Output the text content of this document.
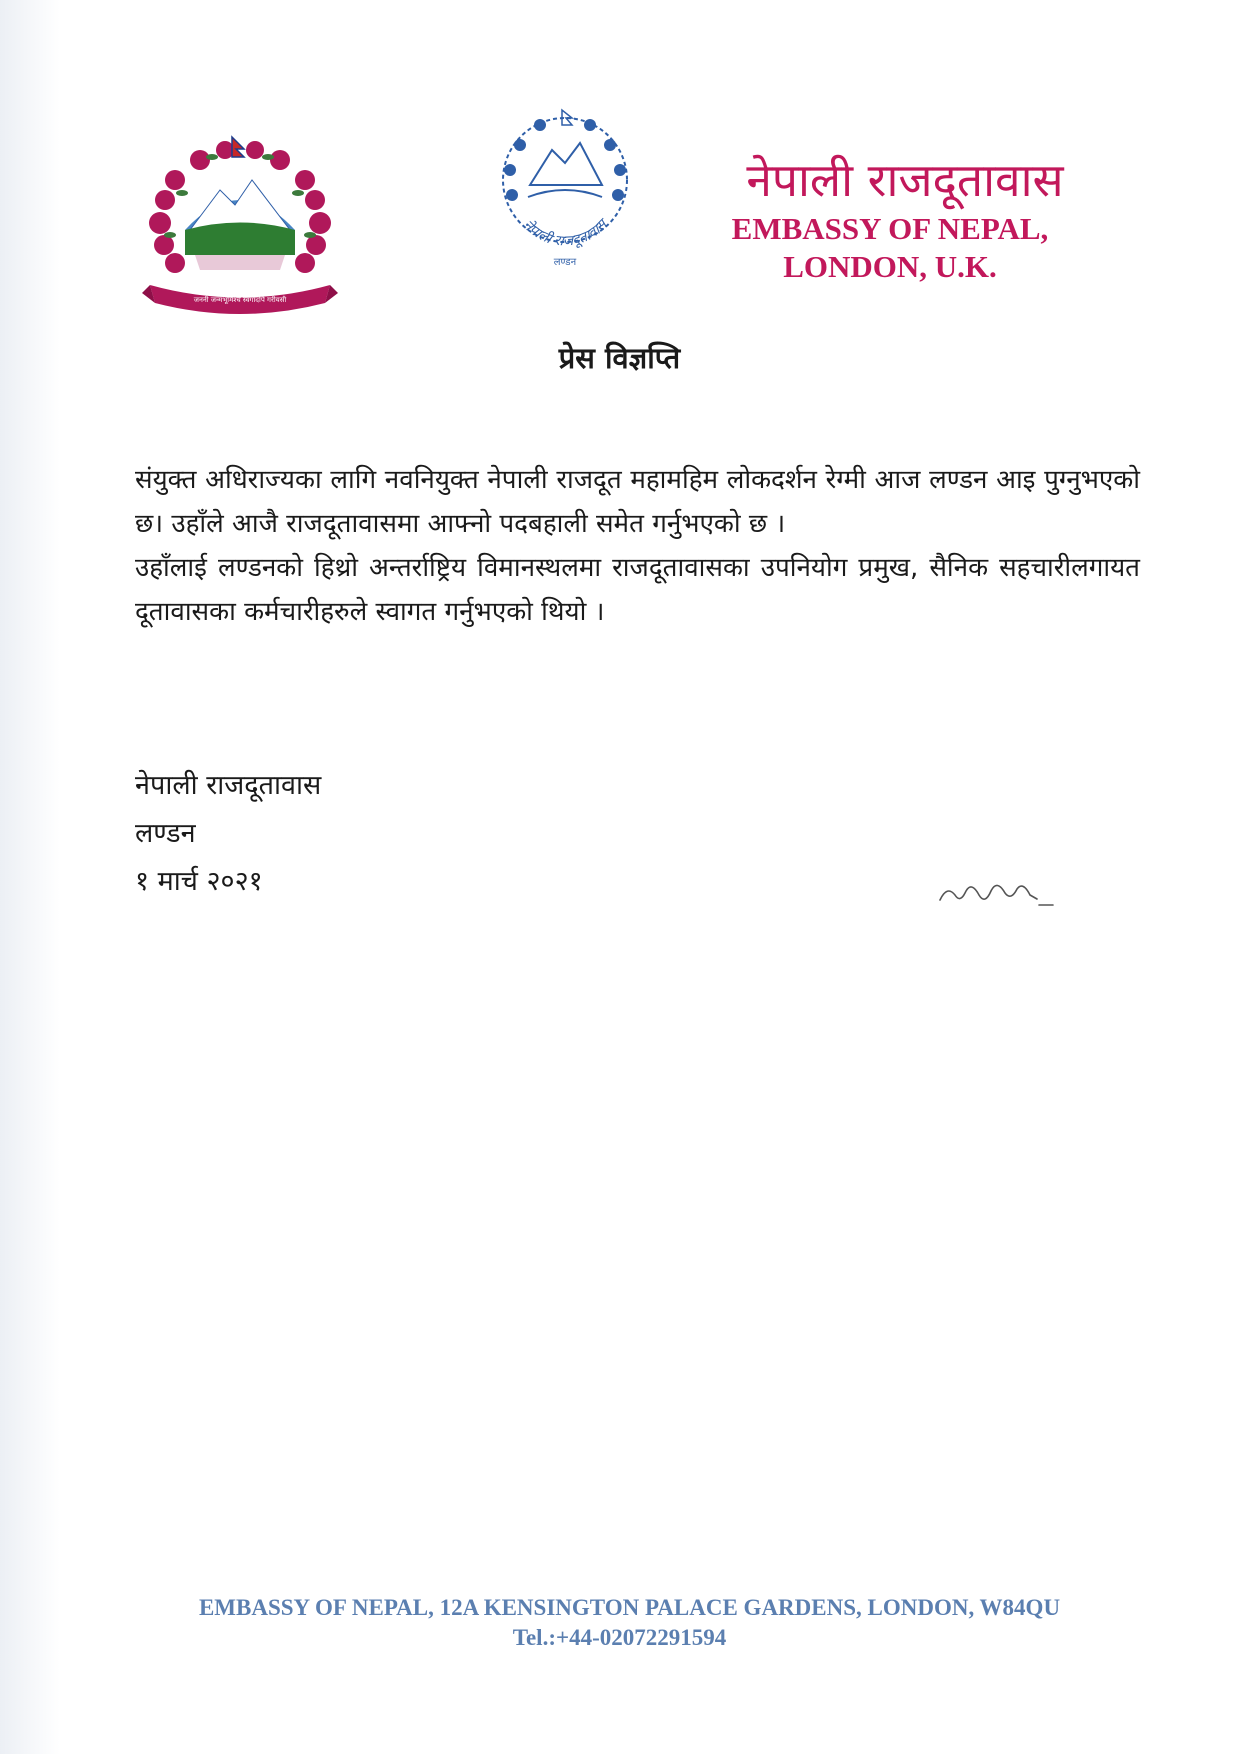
जननी जन्मभूमिश्च स्वर्गादपि गरीयसी
नेपाली राजदूतावास
लण्डन
नेपाली राजदूतावास
EMBASSY OF NEPAL,
LONDON, U.K.
प्रेस विज्ञप्ति

संयुक्त अधिराज्यका लागि नवनियुक्त नेपाली राजदूत महामहिम लोकदर्शन रेग्मी आज लण्डन आइ पुग्नुभएको छ। उहाँले आजै राजदूतावासमा आफ्नो पदबहाली समेत गर्नुभएको छ ।

उहाँलाई लण्डनको हिथ्रो अन्तर्राष्ट्रिय विमानस्थलमा राजदूतावासका उपनियोग प्रमुख, सैनिक सहचारीलगायत दूतावासका कर्मचारीहरुले स्वागत गर्नुभएको थियो ।

नेपाली राजदूतावास
लण्डन
१ मार्च २०२१
EMBASSY OF NEPAL, 12A KENSINGTON PALACE GARDENS, LONDON, W84QU
Tel.:+44-02072291594
